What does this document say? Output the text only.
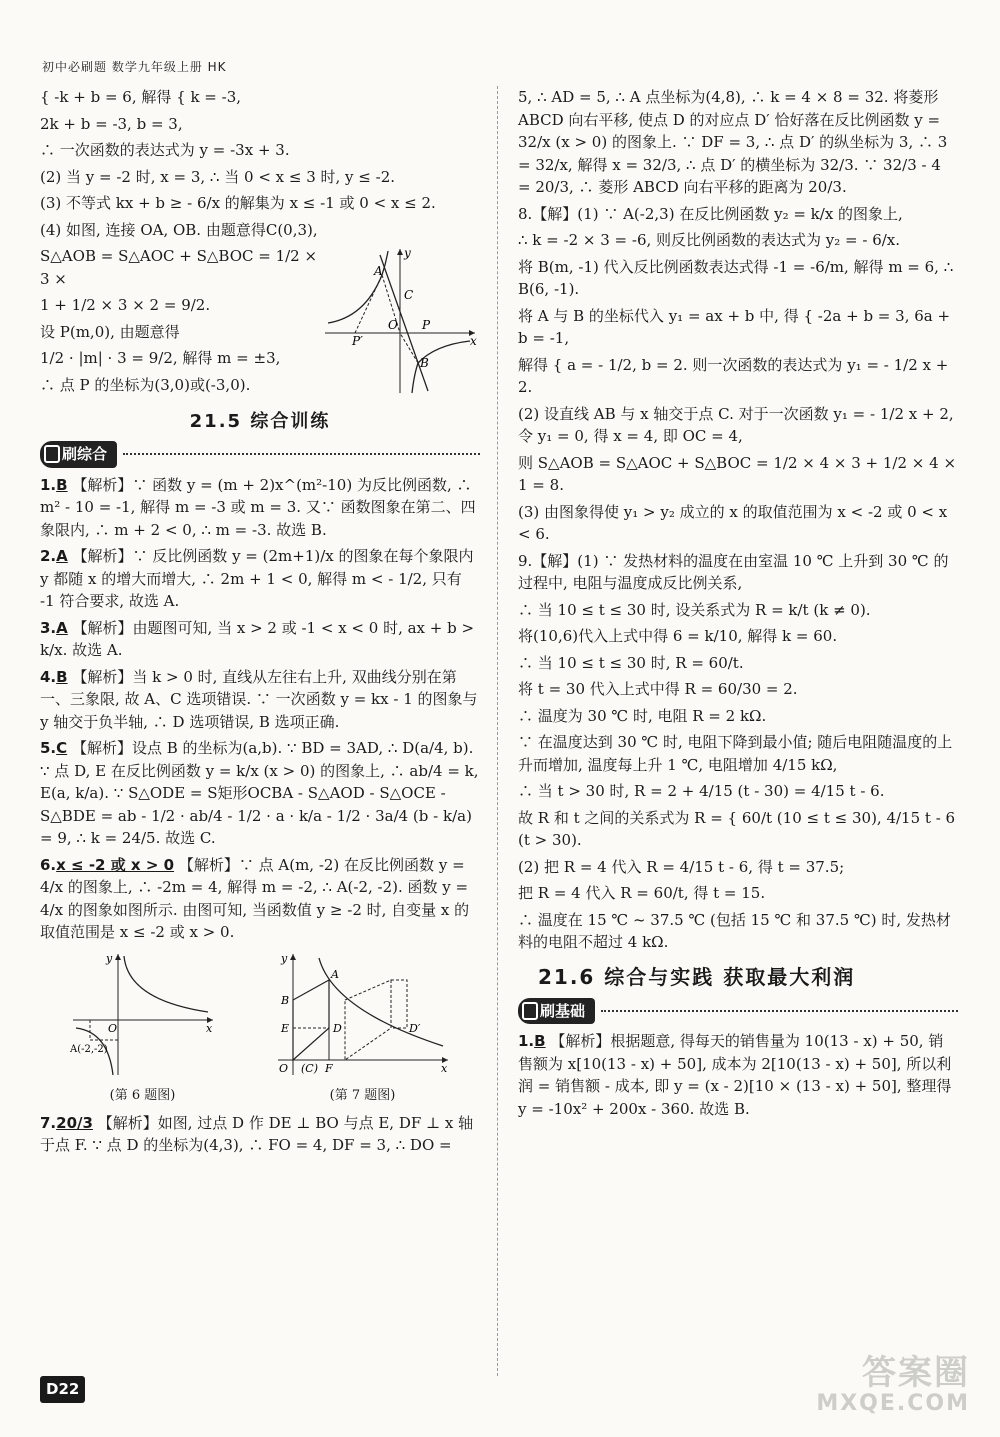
初中必刷题 数学九年级上册 HK

{ -k + b = 6, 解得 { k = -3,

2k + b = -3, b = 3,

∴ 一次函数的表达式为 y = -3x + 3.

(2) 当 y = -2 时, x = 3, ∴ 当 0 < x ≤ 3 时, y ≤ -2.

(3) 不等式 kx + b ≥ - 6/x 的解集为 x ≤ -1 或 0 < x ≤ 2.

(4) 如图, 连接 OA, OB. 由题意得C(0,3),

S△AOB = S△AOC + S△BOC = 1/2 × 3 ×

1 + 1/2 × 3 × 2 = 9/2.

设 P(m,0), 由题意得

1/2 · |m| · 3 = 9/2, 解得 m = ±3,

∴ 点 P 的坐标为(3,0)或(-3,0).

A
C
O P
P′
B
x
y
21.5 综合训练
刷综合

1.B 【解析】∵ 函数 y = (m + 2)x^(m²-10) 为反比例函数, ∴ m² - 10 = -1, 解得 m = -3 或 m = 3. 又∵ 函数图象在第二、四象限内, ∴ m + 2 < 0, ∴ m = -3. 故选 B.

2.A 【解析】∵ 反比例函数 y = (2m+1)/x 的图象在每个象限内 y 都随 x 的增大而增大, ∴ 2m + 1 < 0, 解得 m < - 1/2, 只有 -1 符合要求, 故选 A.

3.A 【解析】由题图可知, 当 x > 2 或 -1 < x < 0 时, ax + b > k/x. 故选 A.

4.B 【解析】当 k > 0 时, 直线从左往右上升, 双曲线分别在第一、三象限, 故 A、C 选项错误. ∵ 一次函数 y = kx - 1 的图象与 y 轴交于负半轴, ∴ D 选项错误, B 选项正确.

5.C 【解析】设点 B 的坐标为(a,b). ∵ BD = 3AD, ∴ D(a/4, b). ∵ 点 D, E 在反比例函数 y = k/x (x > 0) 的图象上, ∴ ab/4 = k, E(a, k/a). ∵ S△ODE = S矩形OCBA - S△AOD - S△OCE - S△BDE = ab - 1/2 · ab/4 - 1/2 · a · k/a - 1/2 · 3a/4 (b - k/a) = 9, ∴ k = 24/5. 故选 C.

6.x ≤ -2 或 x > 0 【解析】∵ 点 A(m, -2) 在反比例函数 y = 4/x 的图象上, ∴ -2m = 4, 解得 m = -2, ∴ A(-2, -2). 函数 y = 4/x 的图象如图所示. 由图可知, 当函数值 y ≥ -2 时, 自变量 x 的取值范围是 x ≤ -2 或 x > 0.

O	x
y
A(-2,-2)
(第 6 题图)
A
B
E	D	D′
O (C) F	x
y
(第 7 题图)

7.20/3 【解析】如图, 过点 D 作 DE ⊥ BO 与点 E, DF ⊥ x 轴于点 F. ∵ 点 D 的坐标为(4,3), ∴ FO = 4, DF = 3, ∴ DO =

5, ∴ AD = 5, ∴ A 点坐标为(4,8), ∴ k = 4 × 8 = 32. 将菱形 ABCD 向右平移, 使点 D 的对应点 D′ 恰好落在反比例函数 y = 32/x (x > 0) 的图象上. ∵ DF = 3, ∴ 点 D′ 的纵坐标为 3, ∴ 3 = 32/x, 解得 x = 32/3, ∴ 点 D′ 的横坐标为 32/3. ∵ 32/3 - 4 = 20/3, ∴ 菱形 ABCD 向右平移的距离为 20/3.

8.【解】(1) ∵ A(-2,3) 在反比例函数 y₂ = k/x 的图象上,

∴ k = -2 × 3 = -6, 则反比例函数的表达式为 y₂ = - 6/x.

将 B(m, -1) 代入反比例函数表达式得 -1 = -6/m, 解得 m = 6, ∴ B(6, -1).

将 A 与 B 的坐标代入 y₁ = ax + b 中, 得 { -2a + b = 3, 6a + b = -1,

解得 { a = - 1/2, b = 2. 则一次函数的表达式为 y₁ = - 1/2 x + 2.

(2) 设直线 AB 与 x 轴交于点 C. 对于一次函数 y₁ = - 1/2 x + 2, 令 y₁ = 0, 得 x = 4, 即 OC = 4,

则 S△AOB = S△AOC + S△BOC = 1/2 × 4 × 3 + 1/2 × 4 × 1 = 8.

(3) 由图象得使 y₁ > y₂ 成立的 x 的取值范围为 x < -2 或 0 < x < 6.

9.【解】(1) ∵ 发热材料的温度在由室温 10 ℃ 上升到 30 ℃ 的过程中, 电阻与温度成反比例关系,

∴ 当 10 ≤ t ≤ 30 时, 设关系式为 R = k/t (k ≠ 0).

将(10,6)代入上式中得 6 = k/10, 解得 k = 60.

∴ 当 10 ≤ t ≤ 30 时, R = 60/t.

将 t = 30 代入上式中得 R = 60/30 = 2.

∴ 温度为 30 ℃ 时, 电阻 R = 2 kΩ.

∵ 在温度达到 30 ℃ 时, 电阻下降到最小值; 随后电阻随温度的上升而增加, 温度每上升 1 ℃, 电阻增加 4/15 kΩ,

∴ 当 t > 30 时, R = 2 + 4/15 (t - 30) = 4/15 t - 6.

故 R 和 t 之间的关系式为 R = { 60/t (10 ≤ t ≤ 30), 4/15 t - 6 (t > 30).

(2) 把 R = 4 代入 R = 4/15 t - 6, 得 t = 37.5;

把 R = 4 代入 R = 60/t, 得 t = 15.

∴ 温度在 15 ℃ ~ 37.5 ℃ (包括 15 ℃ 和 37.5 ℃) 时, 发热材料的电阻不超过 4 kΩ.

21.6 综合与实践 获取最大利润
刷基础

1.B 【解析】根据题意, 得每天的销售量为 10(13 - x) + 50, 销售额为 x[10(13 - x) + 50], 成本为 2[10(13 - x) + 50], 所以利润 = 销售额 - 成本, 即 y = (x - 2)[10 × (13 - x) + 50], 整理得 y = -10x² + 200x - 360. 故选 B.

D22	答案圈
MXQE.COM
